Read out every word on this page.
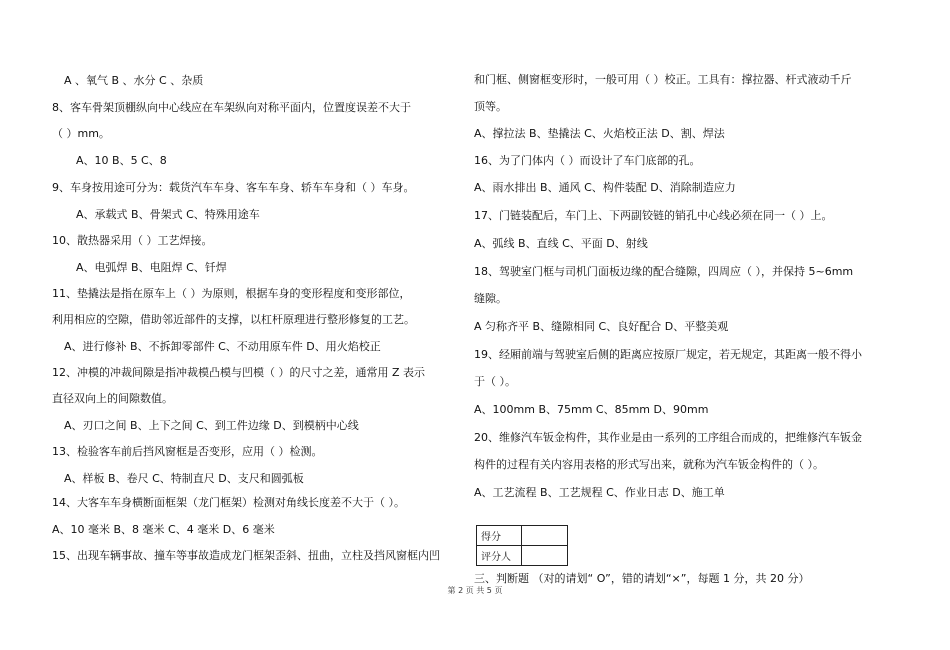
A 、氧气 B 、水分 C 、杂质
8、客车骨架顶棚纵向中心线应在车架纵向对称平面内，位置度误差不大于
（ ）mm。
A、10 B、5 C、8
9、车身按用途可分为：载货汽车车身、客车车身、轿车车身和（ ）车身。
A、承载式 B、骨架式 C、特殊用途车
10、散热器采用（ ）工艺焊接。
A、电弧焊 B、电阻焊 C、钎焊
11、垫撬法是指在原车上（ ）为原则，根据车身的变形程度和变形部位，
利用相应的空隙，借助邻近部件的支撑，以杠杆原理进行整形修复的工艺。
A、进行修补 B、不拆卸零部件 C、不动用原车件 D、用火焰校正
12、冲模的冲裁间隙是指冲裁模凸模与凹模（ ）的尺寸之差，通常用 Z 表示
直径双向上的间隙数值。
A、刃口之间 B、上下之间 C、到工件边缘 D、到模柄中心线
13、检验客车前后挡风窗框是否变形，应用（ ）检测。
A、样板 B、卷尺 C、特制直尺 D、支尺和圆弧板
14、大客车车身横断面框架（龙门框架）检测对角线长度差不大于（ ）。
A、10 毫米 B、8 毫米 C、4 毫米 D、6 毫米
15、出现车辆事故、撞车等事故造成龙门框架歪斜、扭曲，立柱及挡风窗框内凹
和门框、侧窗框变形时，一般可用（ ）校正。工具有：撑拉器、杆式液动千斤
顶等。
A、撑拉法 B、垫撬法 C、火焰校正法 D、割、焊法
16、为了门体内（ ）而设计了车门底部的孔。
A、雨水排出 B、通风 C、构件装配 D、消除制造应力
17、门链装配后，车门上、下两副铰链的销孔中心线必须在同一（ ）上。
A、弧线 B、直线 C、平面 D、射线
18、驾驶室门框与司机门面板边缘的配合缝隙，四周应（ ），并保持 5~6mm
缝隙。
A 匀称齐平 B、缝隙相同 C、良好配合 D、平整美观
19、经厢前端与驾驶室后侧的距离应按原厂规定，若无规定，其距离一般不得小
于（ ）。
A、100mm B、75mm C、85mm D、90mm
20、维修汽车钣金构件，其作业是由一系列的工序组合而成的，把维修汽车钣金
构件的过程有关内容用表格的形式写出来，就称为汽车钣金构件的（ ）。
A、工艺流程 B、工艺规程 C、作业日志 D、施工单
得分	
评分人	
三、判断题 （对的请划“ O”，错的请划“×”，每题 1 分，共 20 分）
第 2 页 共 5 页
